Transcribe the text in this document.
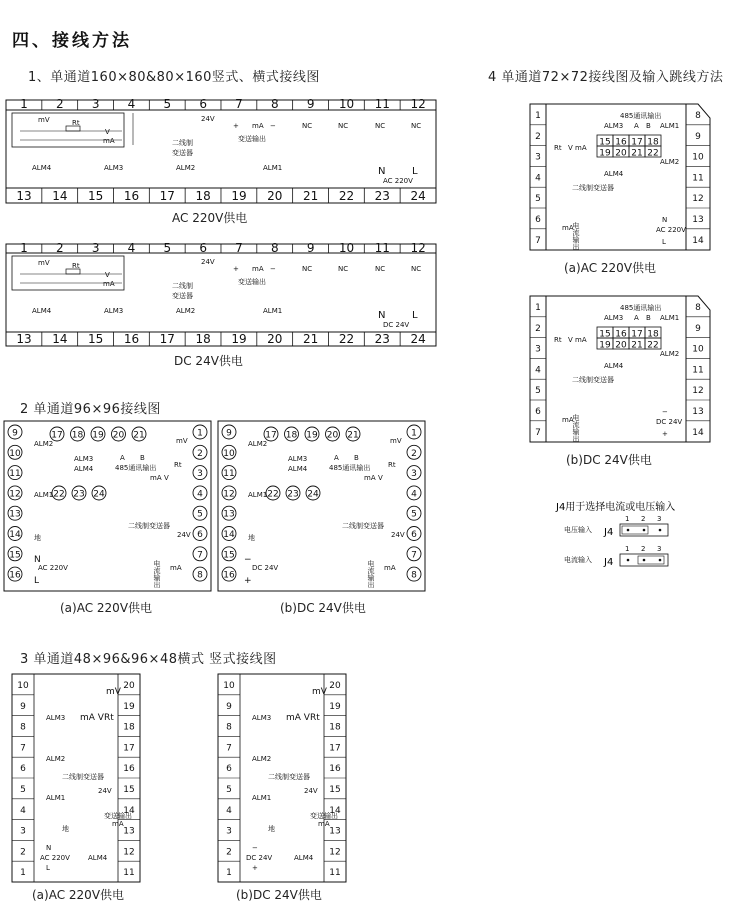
四、接线方法
1、单通道160×80&80×160竖式、横式接线图	4 单通道72×72接线图及输入跳线方法
2 单通道96×96接线图
3 单通道48×96&96×48横式 竖式接线图
1 2 3 4 5 6 7 8 9 10 11 12
13 14 15 16 17 18 19 20 21 22 23 24
mV	Rt
V
mA	二线制
变送器
24V
+ mA −
变送输出
NC	NC	NC	NC
ALM4	ALM3	ALM2	ALM1	N	L
AC 220V
1 2 3 4 5 6 7 8 9 10 11 12
13 14 15 16 17 18 19 20 21 22 23 24
mV	Rt
V
mA	二线制
变送器
24V
+ mA −
变送输出
NC	NC	NC	NC
ALM4	ALM3	ALM2	ALM1	N	L
DC 24V
9
10
11
12
13
14
15
16
17 18 19 20 21
22 23 24
1
2
3
4
5
6
7
8
ALM2
ALM3
ALM4
ALM1
A B
485通讯输出
mV
Rt
mA V
二线制变送器
24V
地
N
AC 220V
L	电流输出 mA
9
10
11
12
13
14
15
16
17 18 19 20 21
22 23 24
1
2
3
4
5
6
7
8
ALM2
ALM3
ALM4
ALM1
A B
485通讯输出
mV
Rt
mA V
二线制变送器
24V
地
−
DC 24V
+	电流输出 mA
10
9
8
7
6
5
4
3
2
1
20
19
18
17
16
15
14
13
12
11
ALM3
ALM2
ALM1
mA V
mV
Rt
二线制变送器
24V
变送输出
mA
地
N
AC 220V
L
ALM4
10
9
8
7
6
5
4
3
2
1
20
19
18
17
16
15
14
13
12
11
ALM3
ALM2
ALM1
mA V
mV
Rt
二线制变送器
24V
变送输出
mA
地
−
DC 24V
+
ALM4
1
2
3
4
5
6
7
8
9
10
11
12
13
14
15
19
16
20
17
21
18
22
485通讯输出
ALM3 A B ALM1
Rt V mA
ALM4
ALM2
二线制变送器
电流输出
mA
N
AC 220V
L
1
2
3
4
5
6
7
8
9
10
11
12
13
14
15
19
16
20
17
21
18
22
485通讯输出
ALM3 A B ALM1
Rt V mA
ALM4
ALM2
二线制变送器
电流输出
mA
−
DC 24V
+
J4用于选择电流或电压输入
电压输入 J4
1 2 3
电流输入 J4
1 2 3
AC 220V供电
DC 24V供电
(a)AC 220V供电	(b)DC 24V供电
(a)AC 220V供电	(b)DC 24V供电
(a)AC 220V供电
(b)DC 24V供电
